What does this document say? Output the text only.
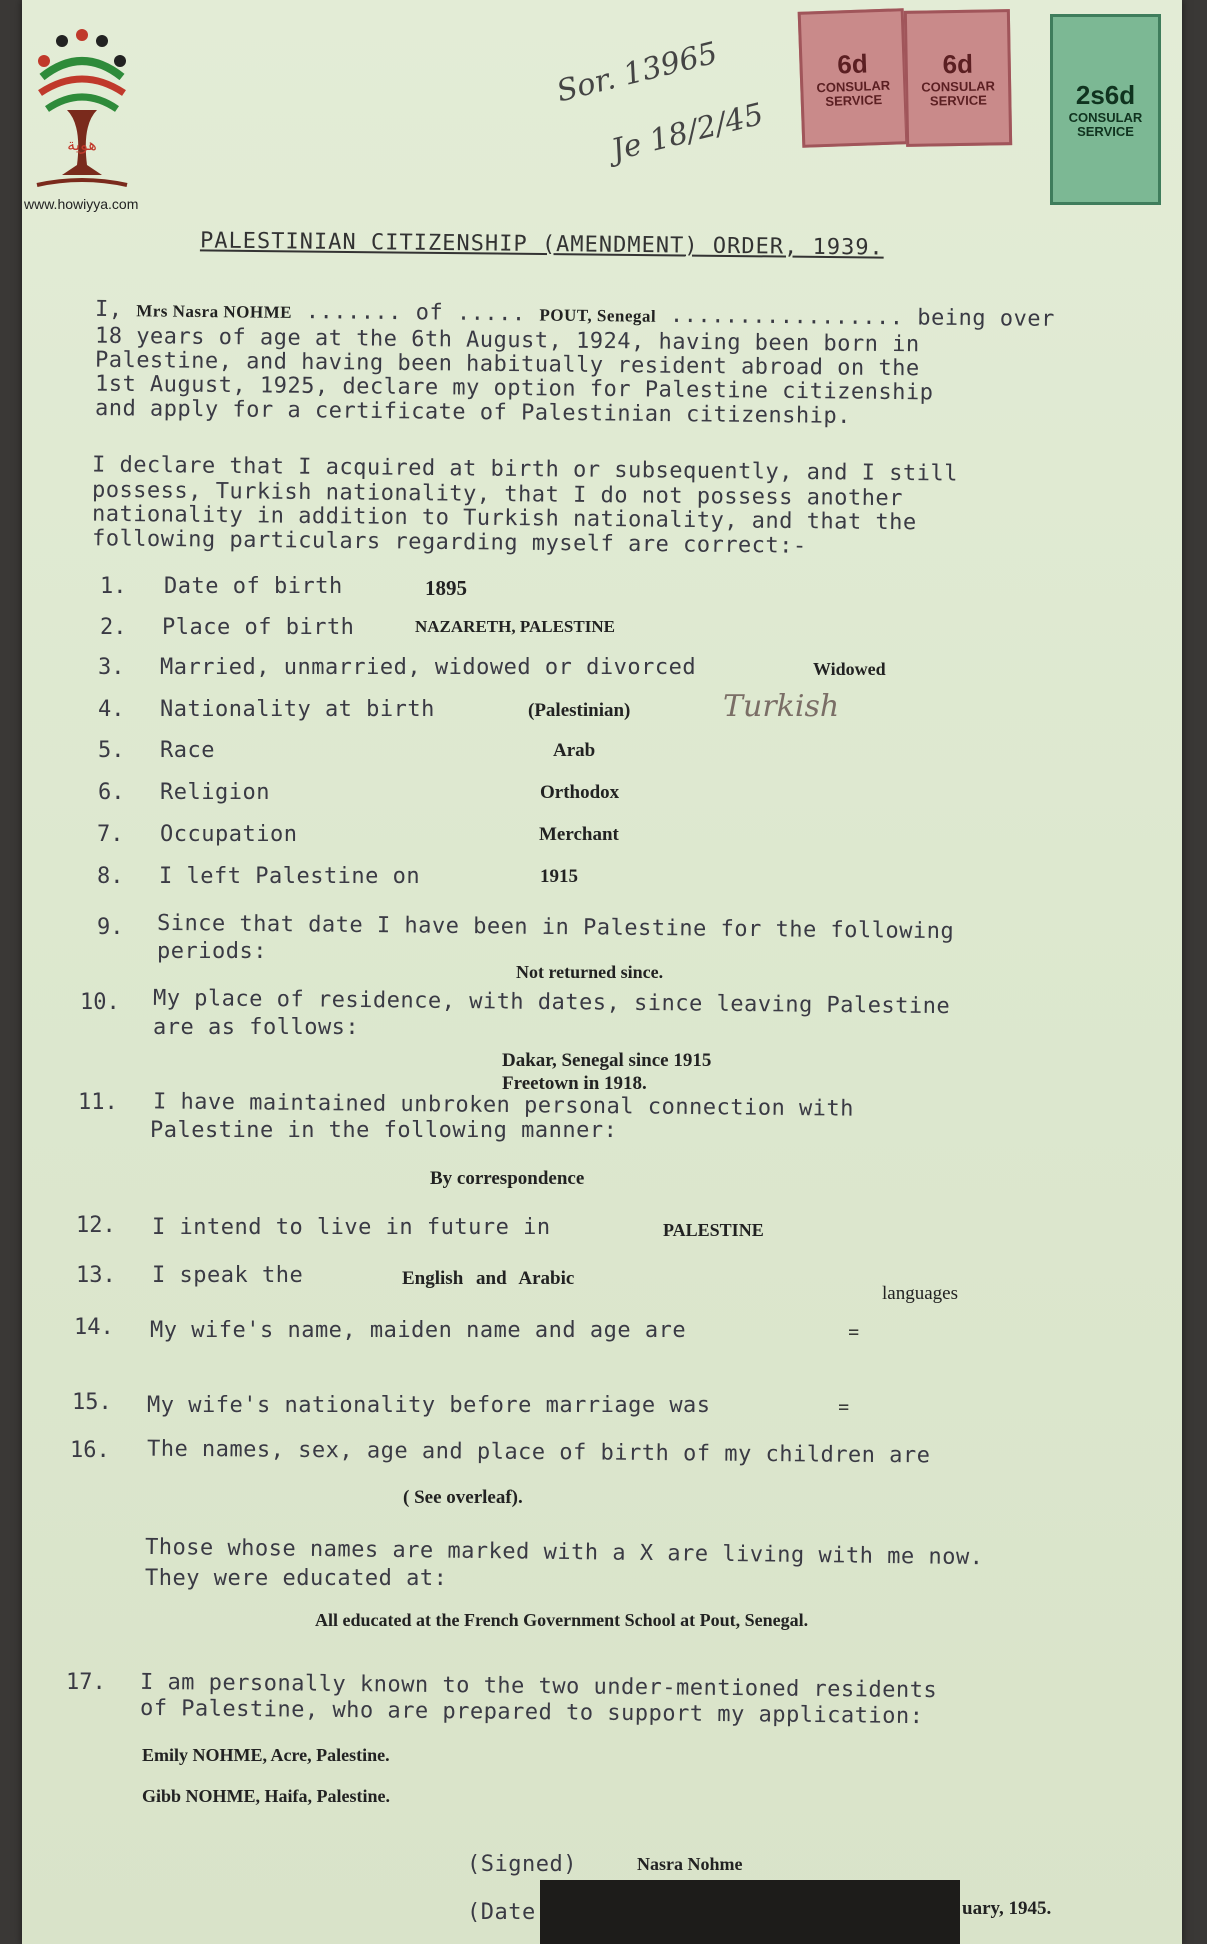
هوية
www.howiyya.com
6d
CONSULAR SERVICE
6d
CONSULAR SERVICE	2s6d
CONSULAR SERVICE
Sor. 13965
Je 18/2/45
PALESTINIAN CITIZENSHIP (AMENDMENT) ORDER, 1939.
I, Mrs Nasra NOHME ....... of ..... POUT, Senegal ................. being over
18 years of age at the 6th August, 1924, having been born in
Palestine, and having been habitually resident abroad on the
1st August, 1925, declare my option for Palestine citizenship
and apply for a certificate of Palestinian citizenship.
I declare that I acquired at birth or subsequently, and I still
possess, Turkish nationality, that I do not possess another
nationality in addition to Turkish nationality, and that the
following particulars regarding myself are correct:-
1. Date of birth	1895
2. Place of birth	NAZARETH, PALESTINE
3. Married, unmarried, widowed or divorced	Widowed
4. Nationality at birth	(Palestinian)	Turkish
5. Race	Arab
6. Religion	Orthodox
7. Occupation	Merchant
8. I left Palestine on	1915
9. Since that date I have been in Palestine for the following
periods:
Not returned since.
10. My place of residence, with dates, since leaving Palestine
are as follows:
Dakar, Senegal since 1915
Freetown in 1918.
11. I have maintained unbroken personal connection with
Palestine in the following manner:
By correspondence
12. I intend to live in future in	PALESTINE
13. I speak the	English and Arabic
languages
14. My wife's name, maiden name and age are	=
15. My wife's nationality before marriage was	=
16. The names, sex, age and place of birth of my children are
( See overleaf).
Those whose names are marked with a X are living with me now.
They were educated at:
All educated at the French Government School at Pout, Senegal.
17. I am personally known to the two under-mentioned residents
of Palestine, who are prepared to support my application:
Emily NOHME, Acre, Palestine.
Gibb NOHME, Haifa, Palestine.
(Signed)	Nasra Nohme
(Date	uary, 1945.
